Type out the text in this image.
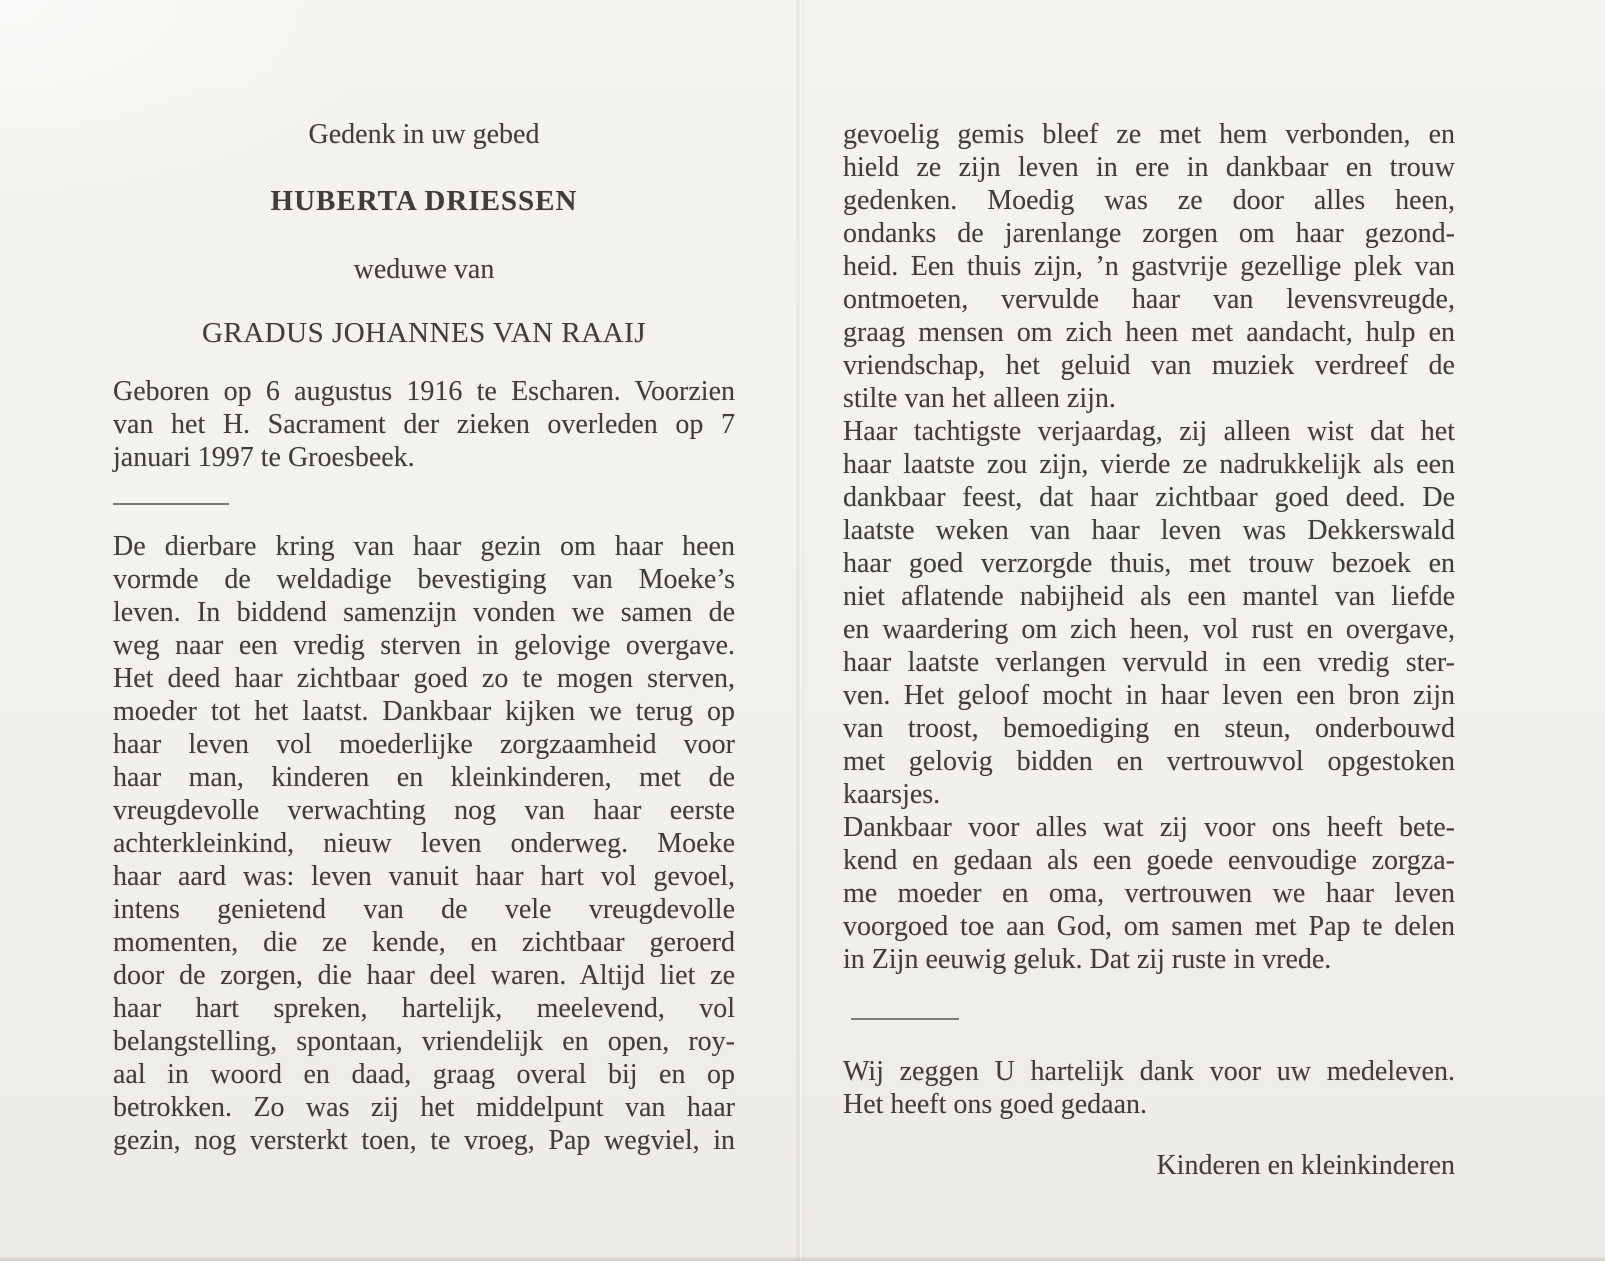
Gedenk in uw gebed
HUBERTA DRIESSEN
weduwe van
GRADUS JOHANNES VAN RAAIJ
Geboren op 6 augustus 1916 te Escharen. Voorzien
van het H. Sacrament der zieken overleden op 7
januari 1997 te Groesbeek.
De dierbare kring van haar gezin om haar heen
vormde de weldadige bevestiging van Moeke’s
leven. In biddend samenzijn vonden we samen de
weg naar een vredig sterven in gelovige overgave.
Het deed haar zichtbaar goed zo te mogen sterven,
moeder tot het laatst. Dankbaar kijken we terug op
haar leven vol moederlijke zorgzaamheid voor
haar man, kinderen en kleinkinderen, met de
vreugdevolle verwachting nog van haar eerste
achterkleinkind, nieuw leven onderweg. Moeke
haar aard was: leven vanuit haar hart vol gevoel,
intens genietend van de vele vreugdevolle
momenten, die ze kende, en zichtbaar geroerd
door de zorgen, die haar deel waren. Altijd liet ze
haar hart spreken, hartelijk, meelevend, vol
belangstelling, spontaan, vriendelijk en open, roy-
aal in woord en daad, graag overal bij en op
betrokken. Zo was zij het middelpunt van haar
gezin, nog versterkt toen, te vroeg, Pap wegviel, in
gevoelig gemis bleef ze met hem verbonden, en
hield ze zijn leven in ere in dankbaar en trouw
gedenken. Moedig was ze door alles heen,
ondanks de jarenlange zorgen om haar gezond-
heid. Een thuis zijn, ’n gastvrije gezellige plek van
ontmoeten, vervulde haar van levensvreugde,
graag mensen om zich heen met aandacht, hulp en
vriendschap, het geluid van muziek verdreef de
stilte van het alleen zijn.
Haar tachtigste verjaardag, zij alleen wist dat het
haar laatste zou zijn, vierde ze nadrukkelijk als een
dankbaar feest, dat haar zichtbaar goed deed. De
laatste weken van haar leven was Dekkerswald
haar goed verzorgde thuis, met trouw bezoek en
niet aflatende nabijheid als een mantel van liefde
en waardering om zich heen, vol rust en overgave,
haar laatste verlangen vervuld in een vredig ster-
ven. Het geloof mocht in haar leven een bron zijn
van troost, bemoediging en steun, onderbouwd
met gelovig bidden en vertrouwvol opgestoken
kaarsjes.
Dankbaar voor alles wat zij voor ons heeft bete-
kend en gedaan als een goede eenvoudige zorgza-
me moeder en oma, vertrouwen we haar leven
voorgoed toe aan God, om samen met Pap te delen
in Zijn eeuwig geluk. Dat zij ruste in vrede.
Wij zeggen U hartelijk dank voor uw medeleven.
Het heeft ons goed gedaan.
Kinderen en kleinkinderen
